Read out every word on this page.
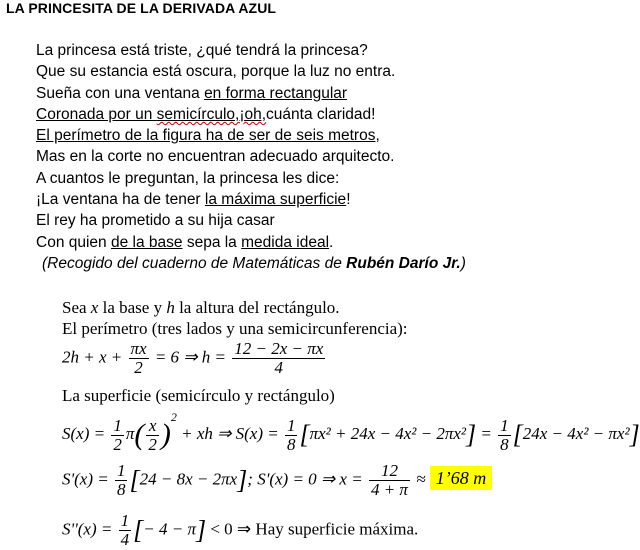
LA PRINCESITA DE LA DERIVADA AZUL
La princesa está triste, ¿qué tendrá la princesa?
Que su estancia está oscura, porque la luz no entra.
Sueña con una ventana en forma rectangular
Coronada por un semicírculo,¡oh,cuánta claridad!
El perímetro de la figura ha de ser de seis metros,
Mas en la corte no encuentran adecuado arquitecto.
A cuantos le preguntan, la princesa les dice:
¡La ventana ha de tener la máxima superficie!
El rey ha prometido a su hija casar
Con quien de la base sepa la medida ideal.
(Recogido del cuaderno de Matemáticas de Rubén Darío Jr.)
Sea x la base y h la altura del rectángulo.
El perímetro (tres lados y una semicircunferencia):
$2h + x + \frac{\pi x}{2} = 6$ ⇒ $h = \frac{12 - 2x - \pi x}{4}$
La superficie (semicírculo y rectángulo)
$S(x) = \frac{1}{2} \pi( \frac{x}{2} )^2$ + xh ⇒ $S(x) = \frac{1}{8} [\pi x^2 + 24x - 4x^2 - 2\pi x^2] = \frac{1}{8} [24x - 4x^2 - \pi x^2]$
$S'(x) = \frac{1}{8} [24 - 8x - 2\pi x]$; S'(x) = 0 ⇒ $x = \frac{12}{4 + \pi}$ ≈ 1’68 m
$S''(x) = \frac{1}{4}$ [− 4 − π] < 0 ⇒ Hay superficie máxima.
